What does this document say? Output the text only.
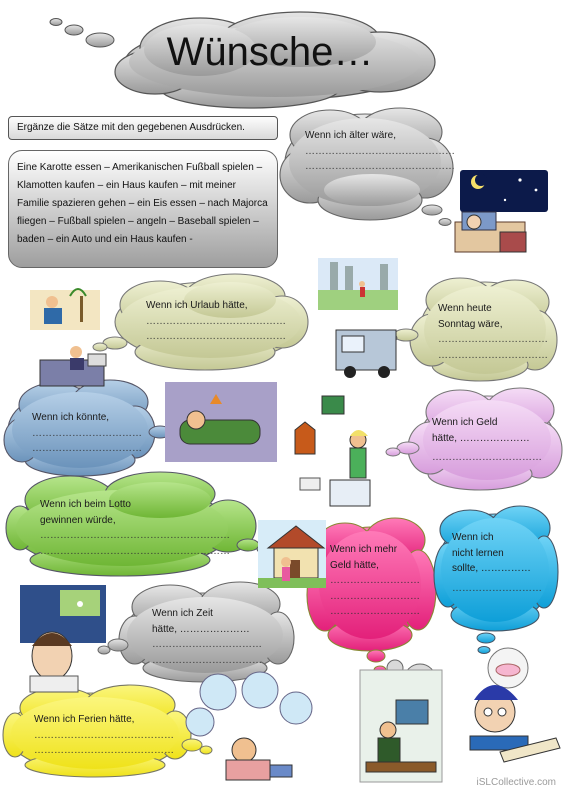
Wünsche…
Ergänze die Sätze mit den gegebenen Ausdrücken.
Eine Karotte essen – Amerikanischen Fußball spielen – Klamotten kaufen – ein Haus kaufen – mit meiner Familie spazieren gehen – ein Eis essen – nach Majorca fliegen – Fußball spielen – angeln – Baseball spielen – baden – ein Auto und ein Haus kaufen -
Wenn ich älter wäre,
………………………………………
………………………………………
Wenn ich Urlaub hätte,
……………………………………
……………………………………
Wenn heute
Sonntag wäre,
……………………………
……………………………
Wenn ich könnte,
……………………………
……………………………
Wenn ich Geld
hätte, …………………
……………………………
Wenn ich beim Lotto
gewinnen würde,
…………………………………………………
…………………………………………………	Wenn ich mehr
Geld hätte,
………………………
………………………
………………………
Wenn ich
nicht lernen
sollte, ……………
………………………
Wenn ich Zeit
hätte, …………………
……………………………
……………………………
Wenn ich Ferien hätte,
……………………………………
……………………………………
iSLCollective.com
